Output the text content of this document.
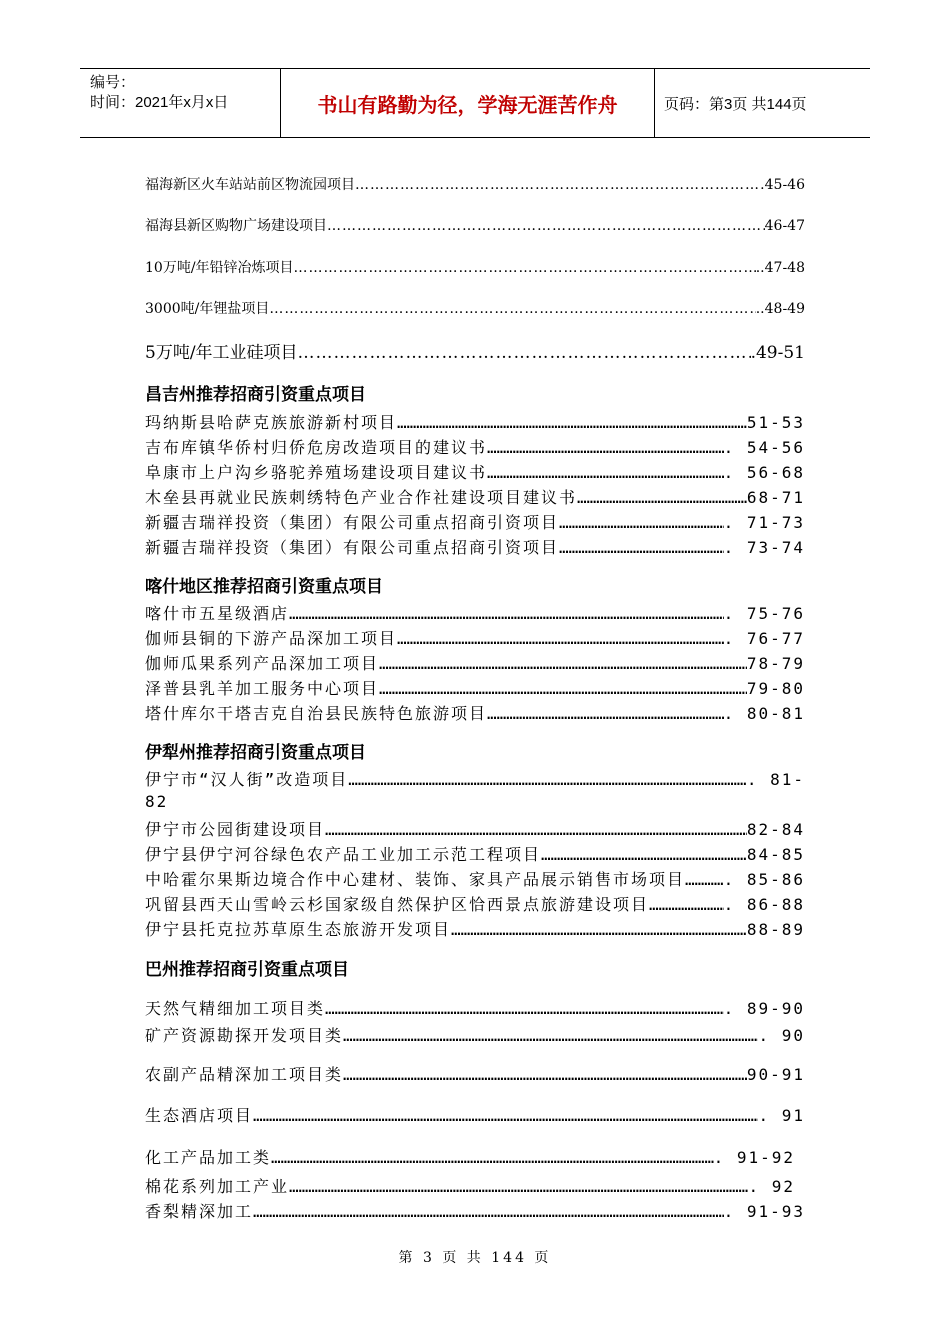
编号：
时间：2021年x月x日	书山有路勤为径，学海无涯苦作舟	页码：第3页 共144页
福海新区火车站站前区物流园项目 ……………………………………………………………………………………………………………………………………………………………………………………………	45-46
福海县新区购物广场建设项目 ……………………………………………………………………………………………………………………………………………………………………………………………	46-47
10万吨/年铅锌冶炼项目 ……………………………………………………………………………………………………………………………………………………………………………………………	..47-48
3000吨/年锂盐项目 ……………………………………………………………………………………………………………………………………………………………………………………………	..48-49
5万吨/年工业硅项目 ……………………………………………………………………………………………………………………………………………………………………………………………	.49-51
昌吉州推荐招商引资重点项目
玛纳斯县哈萨克族旅游新村项目 ……………………………………………………………………………………………………………………………………………………………………………………………	51-53
吉布库镇华侨村归侨危房改造项目的建议书 ……………………………………………………………………………………………………………………………………………………………………………………………	. 54-56
阜康市上户沟乡骆驼养殖场建设项目建议书 ……………………………………………………………………………………………………………………………………………………………………………………………	. 56-68
木垒县再就业民族刺绣特色产业合作社建设项目建议书 ……………………………………………………………………………………………………………………………………………………………………………………………	68-71
新疆吉瑞祥投资（集团）有限公司重点招商引资项目 ……………………………………………………………………………………………………………………………………………………………………………………………	. 71-73
新疆吉瑞祥投资（集团）有限公司重点招商引资项目 ……………………………………………………………………………………………………………………………………………………………………………………………	. 73-74
喀什地区推荐招商引资重点项目
喀什市五星级酒店 ……………………………………………………………………………………………………………………………………………………………………………………………	. 75-76
伽师县铜的下游产品深加工项目 ……………………………………………………………………………………………………………………………………………………………………………………………	. 76-77
伽师瓜果系列产品深加工项目 ……………………………………………………………………………………………………………………………………………………………………………………………	78-79
泽普县乳羊加工服务中心项目 ……………………………………………………………………………………………………………………………………………………………………………………………	79-80
塔什库尔干塔吉克自治县民族特色旅游项目 ……………………………………………………………………………………………………………………………………………………………………………………………	. 80-81
伊犁州推荐招商引资重点项目
伊宁市“汉人街”改造项目 ……………………………………………………………………………………………………………………………………………………………………………………………	. 81-
82
伊宁市公园街建设项目 ……………………………………………………………………………………………………………………………………………………………………………………………	82-84
伊宁县伊宁河谷绿色农产品工业加工示范工程项目 ……………………………………………………………………………………………………………………………………………………………………………………………	84-85
中哈霍尔果斯边境合作中心建材、装饰、家具产品展示销售市场项目 …………………………………………………………………………………………………………………………………………………………………………………………… . 85-86
巩留县西天山雪岭云杉国家级自然保护区恰西景点旅游建设项目 ……………………………………………………………………………………………………………………………………………………………………………………………	. 86-88
伊宁县托克拉苏草原生态旅游开发项目 ……………………………………………………………………………………………………………………………………………………………………………………………	88-89
巴州推荐招商引资重点项目
天然气精细加工项目类 ……………………………………………………………………………………………………………………………………………………………………………………………	. 89-90
矿产资源勘探开发项目类 ……………………………………………………………………………………………………………………………………………………………………………………………	. 90
农副产品精深加工项目类 ……………………………………………………………………………………………………………………………………………………………………………………………	90-91
生态酒店项目 ……………………………………………………………………………………………………………………………………………………………………………………………	. 91
化工产品加工类 ……………………………………………………………………………………………………………………………………………………………………………………………	. 91-92
棉花系列加工产业 ……………………………………………………………………………………………………………………………………………………………………………………………	. 92
香梨精深加工 ……………………………………………………………………………………………………………………………………………………………………………………………	. 91-93
第 3 页 共 144 页
